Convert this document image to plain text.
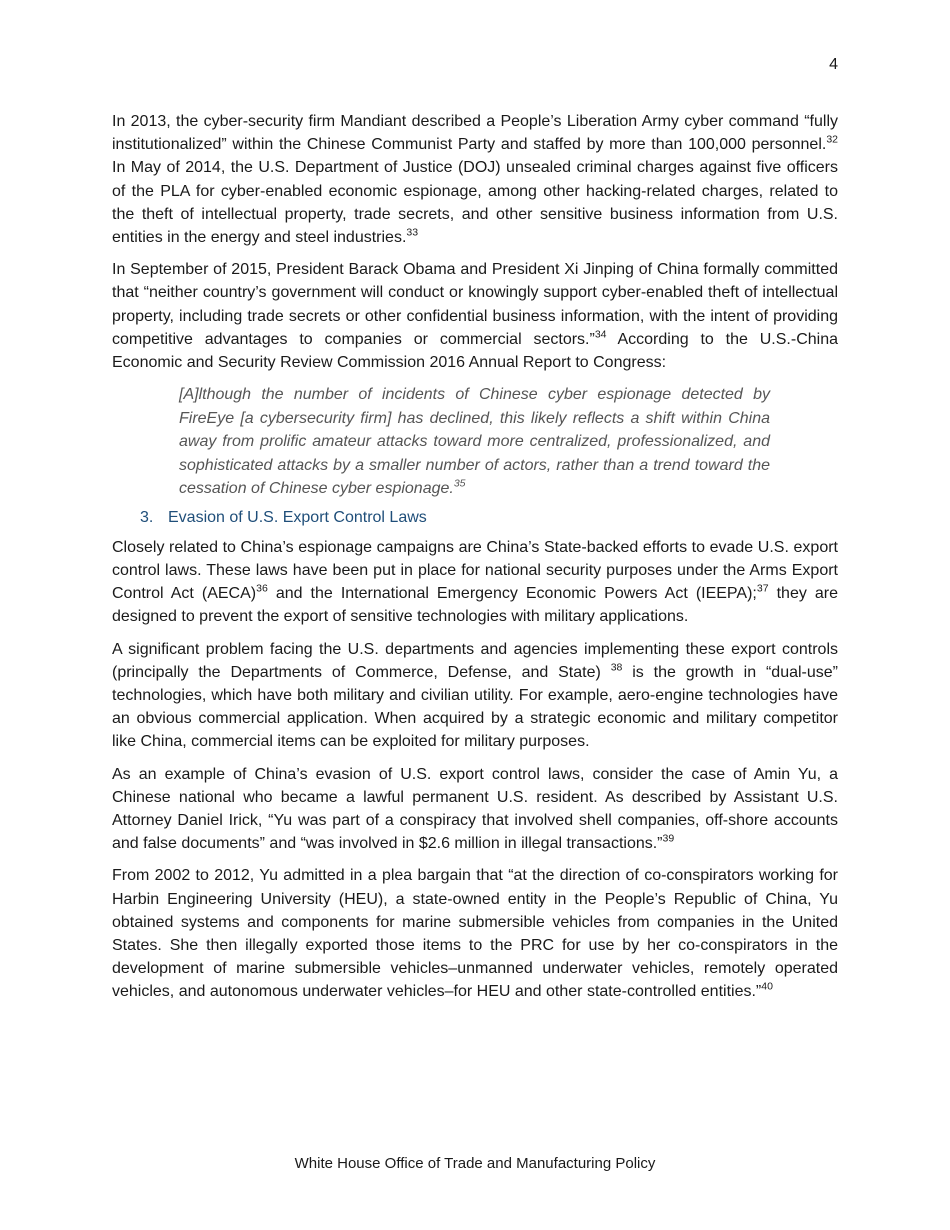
4

In 2013, the cyber-security firm Mandiant described a People’s Liberation Army cyber command “fully institutionalized” within the Chinese Communist Party and staffed by more than 100,000 personnel.$^{32}$ In May of 2014, the U.S. Department of Justice (DOJ) unsealed criminal charges against five officers of the PLA for cyber-enabled economic espionage, among other hacking-related charges, related to the theft of intellectual property, trade secrets, and other sensitive business information from U.S. entities in the energy and steel industries.$^{33}$

In September of 2015, President Barack Obama and President Xi Jinping of China formally committed that “neither country’s government will conduct or knowingly support cyber-enabled theft of intellectual property, including trade secrets or other confidential business information, with the intent of providing competitive advantages to companies or commercial sectors.”$^{34}$ According to the U.S.-China Economic and Security Review Commission 2016 Annual Report to Congress:

[A]lthough the number of incidents of Chinese cyber espionage detected by FireEye [a cybersecurity firm] has declined, this likely reflects a shift within China away from prolific amateur attacks toward more centralized, professionalized, and sophisticated attacks by a smaller number of actors, rather than a trend toward the cessation of Chinese cyber espionage.$^{35}$

3. Evasion of U.S. Export Control Laws

Closely related to China’s espionage campaigns are China’s State-backed efforts to evade U.S. export control laws. These laws have been put in place for national security purposes under the Arms Export Control Act (AECA)$^{36}$ and the International Emergency Economic Powers Act (IEEPA);$^{37}$ they are designed to prevent the export of sensitive technologies with military applications.

A significant problem facing the U.S. departments and agencies implementing these export controls (principally the Departments of Commerce, Defense, and State) $^{38}$ is the growth in “dual-use” technologies, which have both military and civilian utility. For example, aero-engine technologies have an obvious commercial application. When acquired by a strategic economic and military competitor like China, commercial items can be exploited for military purposes.

As an example of China’s evasion of U.S. export control laws, consider the case of Amin Yu, a Chinese national who became a lawful permanent U.S. resident. As described by Assistant U.S. Attorney Daniel Irick, “Yu was part of a conspiracy that involved shell companies, off-shore accounts and false documents” and “was involved in $2.6 million in illegal transactions.”$^{39}$

From 2002 to 2012, Yu admitted in a plea bargain that “at the direction of co-conspirators working for Harbin Engineering University (HEU), a state-owned entity in the People’s Republic of China, Yu obtained systems and components for marine submersible vehicles from companies in the United States. She then illegally exported those items to the PRC for use by her co-conspirators in the development of marine submersible vehicles–unmanned underwater vehicles, remotely operated vehicles, and autonomous underwater vehicles–for HEU and other state-controlled entities.”$^{40}$

White House Office of Trade and Manufacturing Policy
